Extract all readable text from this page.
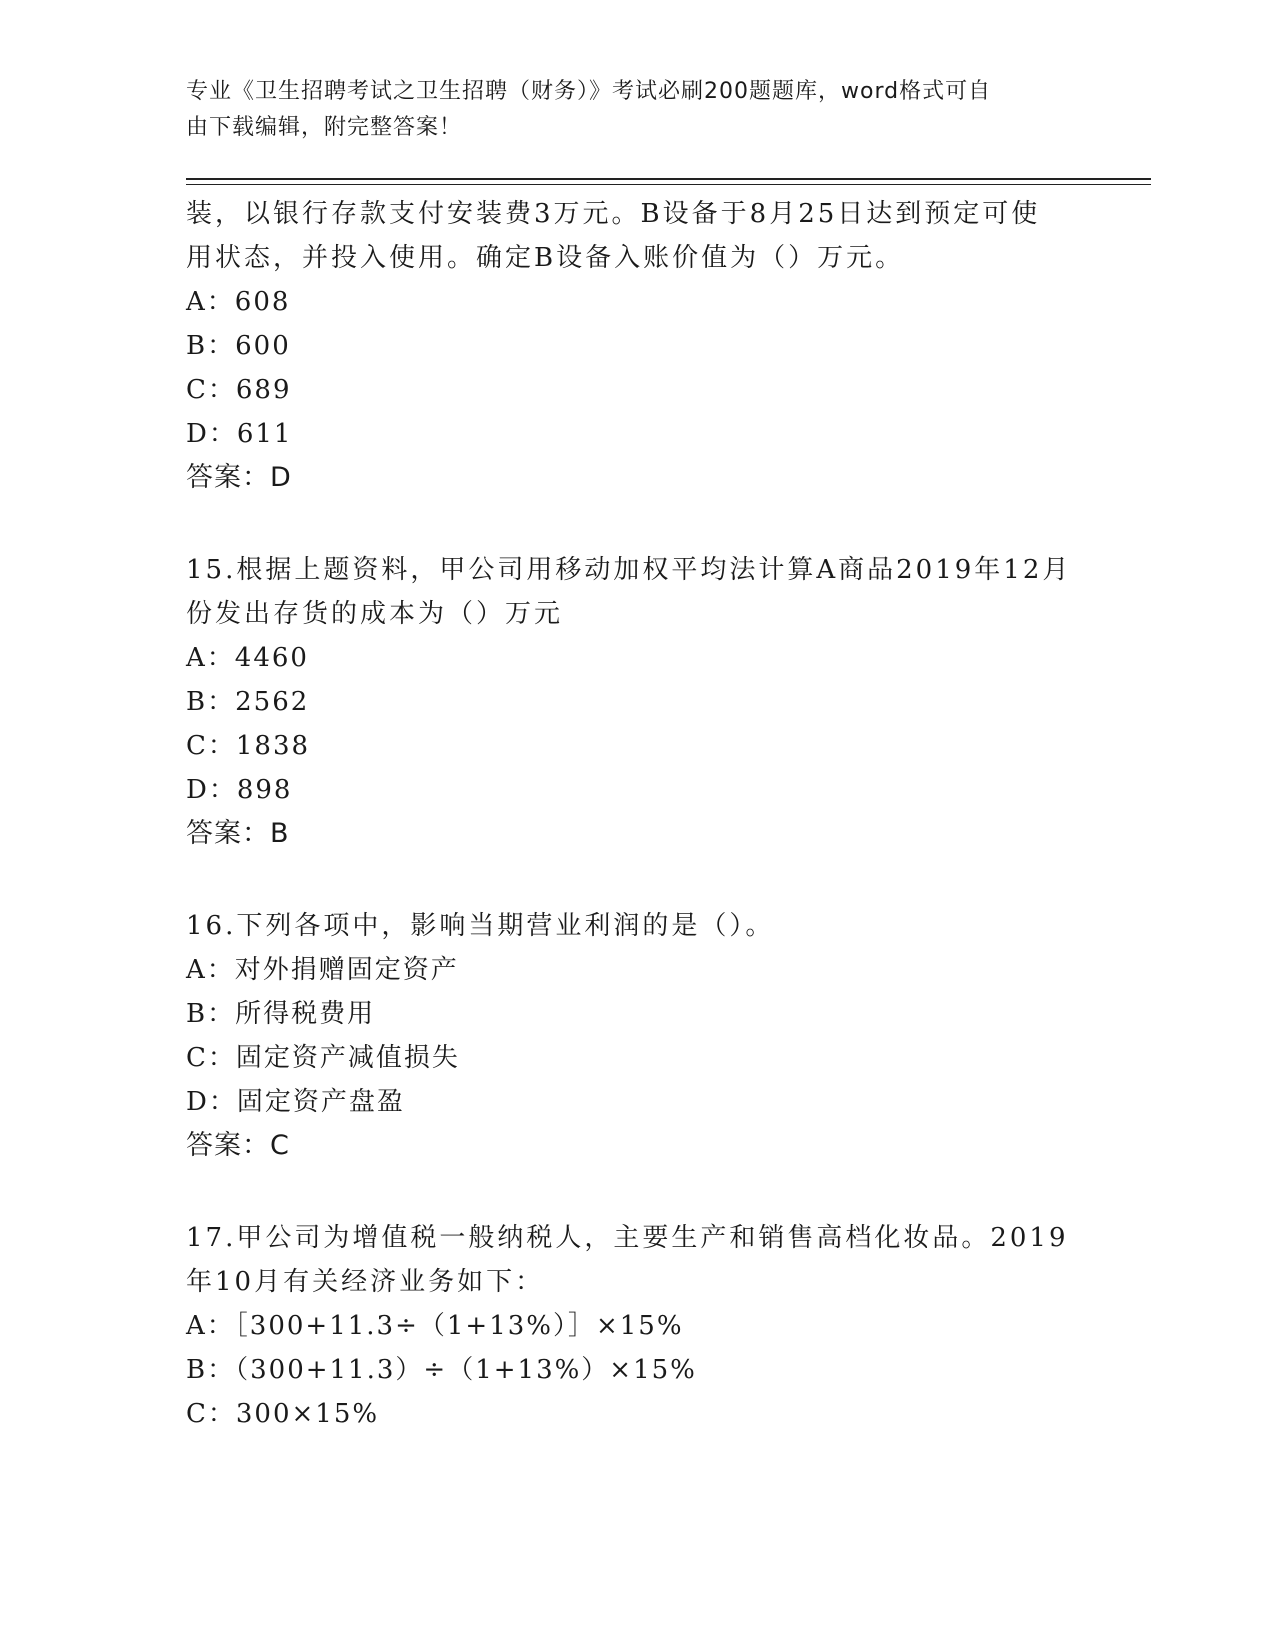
专业《卫生招聘考试之卫生招聘（财务）》考试必刷200题题库，word格式可自
由下载编辑，附完整答案！
装，以银行存款支付安装费3万元。B设备于8月25日达到预定可使
用状态，并投入使用。确定B设备入账价值为（）万元。
A：608
B：600
C：689
D：611
答案：D
15.根据上题资料，甲公司用移动加权平均法计算A商品2019年12月
份发出存货的成本为（）万元
A：4460
B：2562
C：1838
D：898
答案：B
16.下列各项中，影响当期营业利润的是（）。
A：对外捐赠固定资产
B：所得税费用
C：固定资产减值损失
D：固定资产盘盈
答案：C
17.甲公司为增值税一般纳税人，主要生产和销售高档化妆品。2019
年10月有关经济业务如下：
A：［300+11.3÷（1+13%）］×15%
B：（300+11.3）÷（1+13%）×15%
C：300×15%
